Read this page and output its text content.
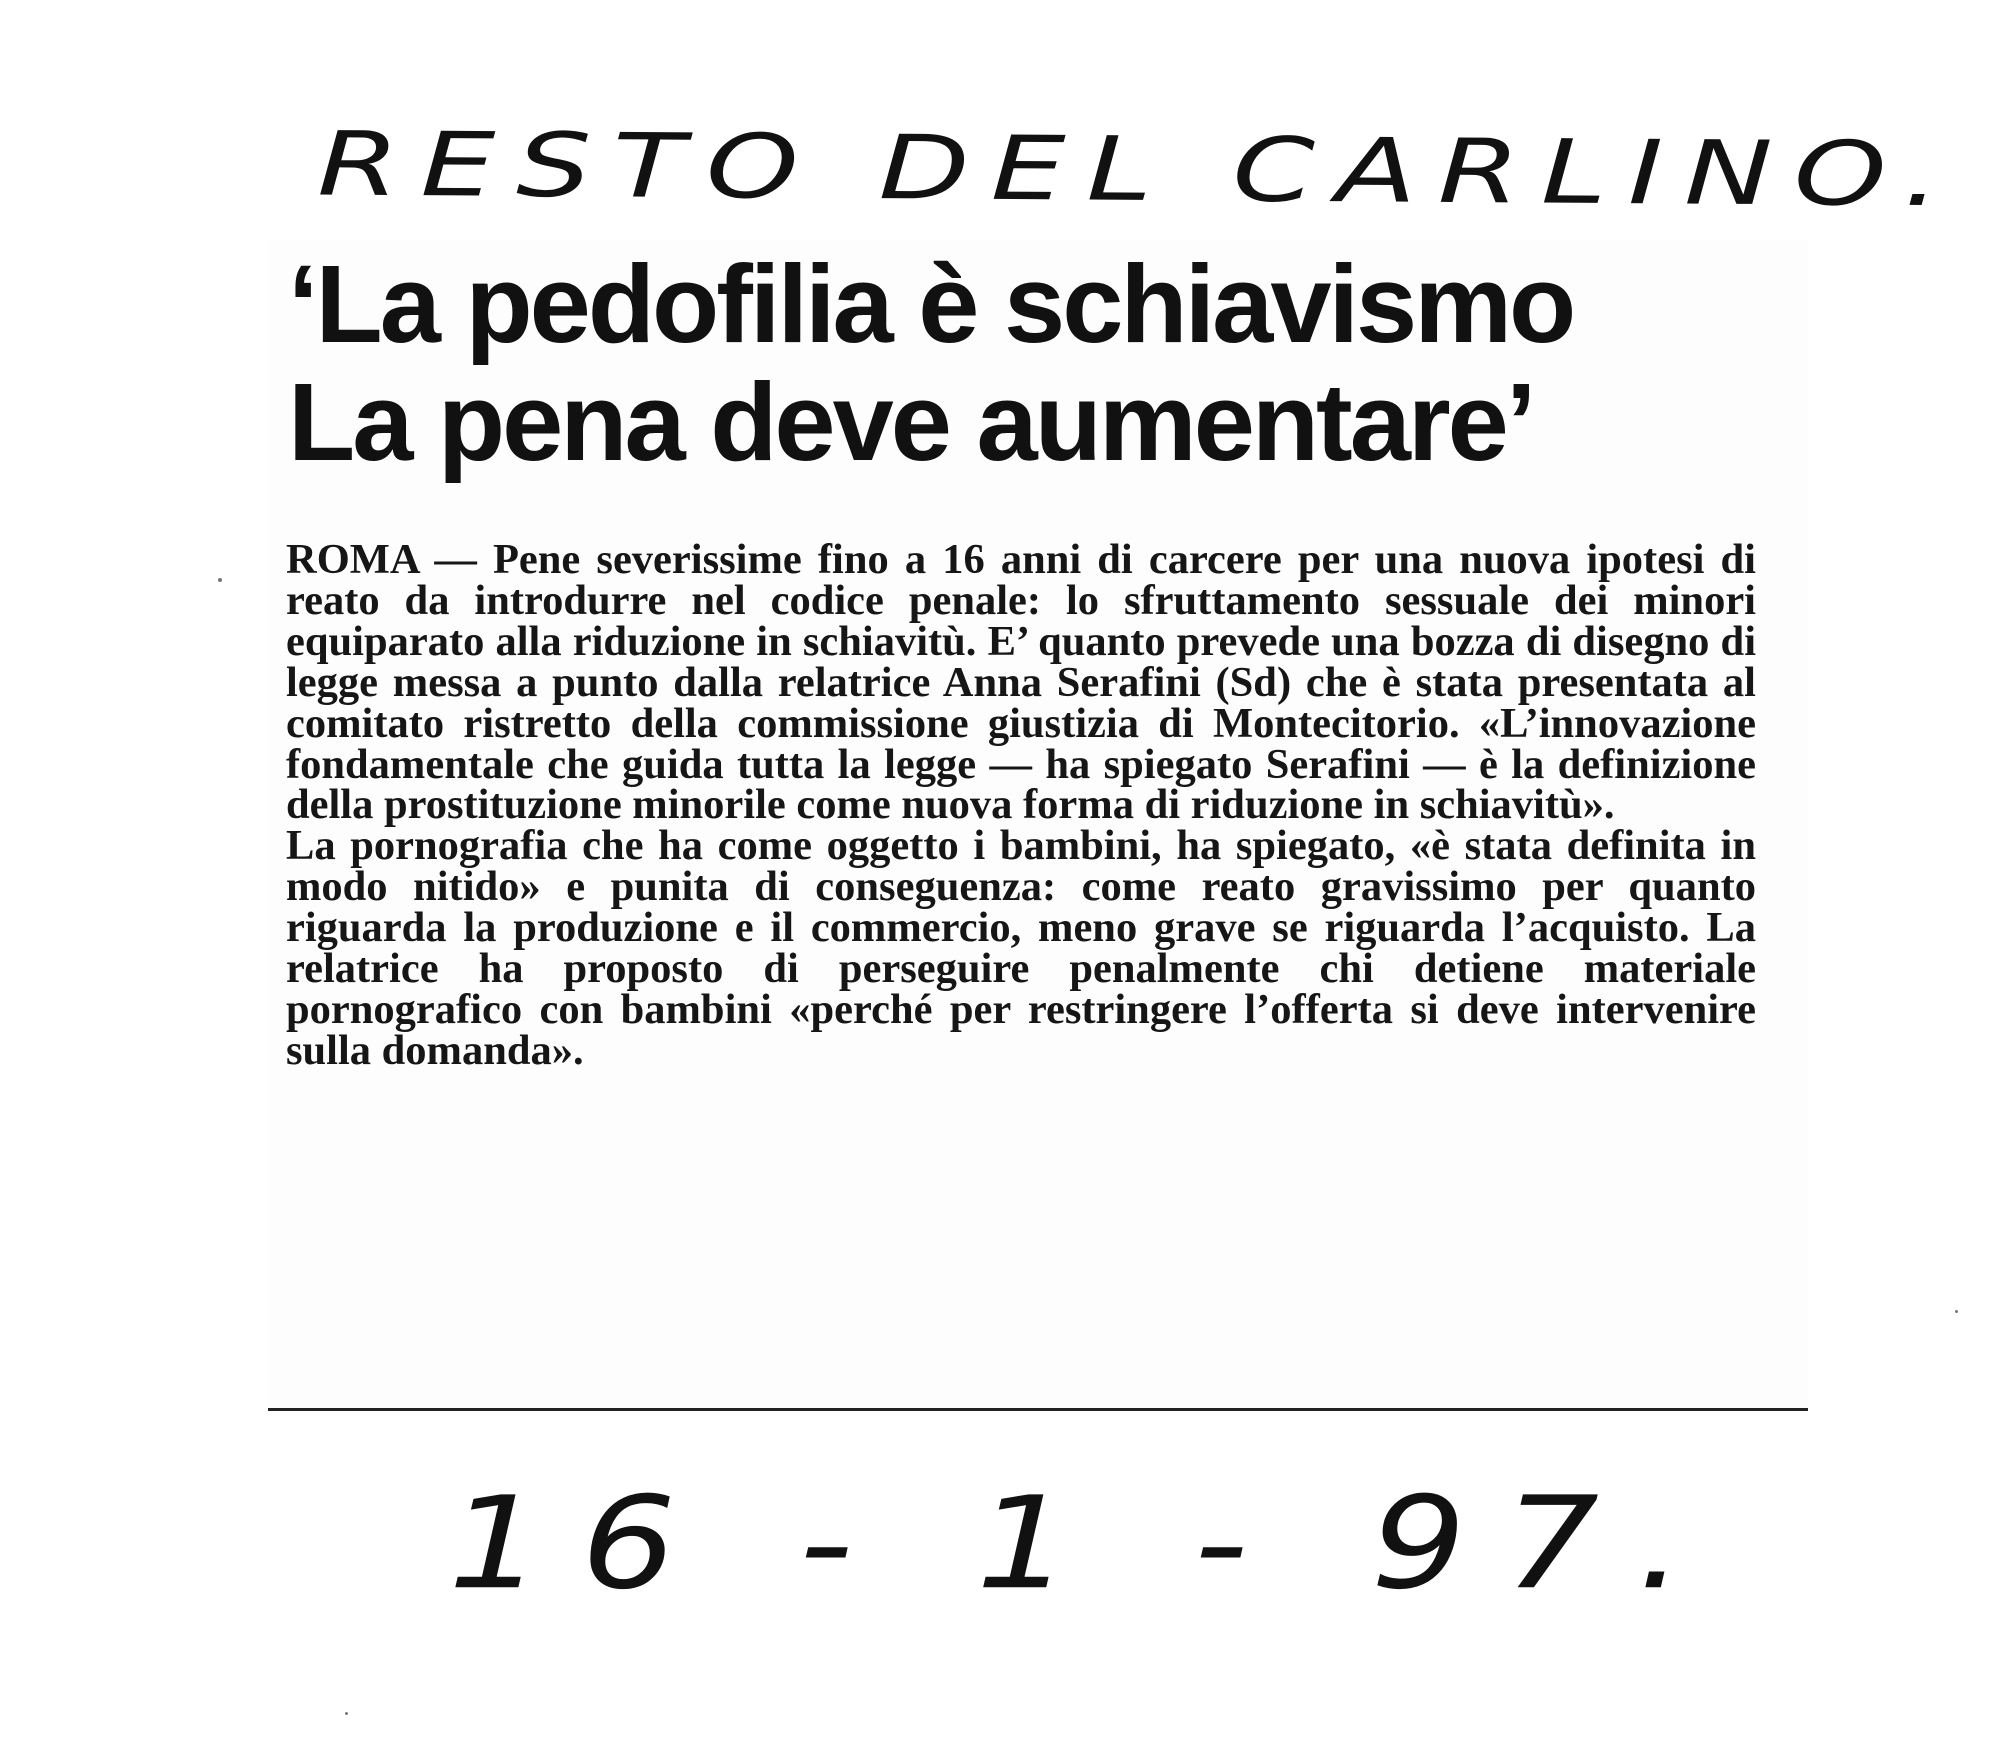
RESTO DEL CARLINO.
‘La pedofilia è schiavismo
La pena deve aumentare’

ROMA — Pene severissime fino a 16 anni di carcere per una nuova ipotesi di reato da introdurre nel codice penale: lo sfruttamento sessuale dei minori equiparato alla riduzione in schiavitù. E’ quanto prevede una bozza di disegno di legge messa a punto dalla relatrice Anna Serafini (Sd) che è stata presentata al comitato ristretto della commissione giustizia di Montecitorio. «L’innovazione fondamentale che guida tutta la legge — ha spiegato Serafini — è la definizione della prostituzione minorile come nuova forma di riduzione in schiavitù».

La pornografia che ha come oggetto i bambini, ha spiegato, «è stata definita in modo nitido» e punita di conseguenza: come reato gravissimo per quanto riguarda la produzione e il commercio, meno grave se riguarda l’acquisto. La relatrice ha proposto di perseguire penalmente chi detiene materiale pornografico con bambini «perché per restringere l’offerta si deve intervenire sulla domanda».

16 - 1 - 97.
